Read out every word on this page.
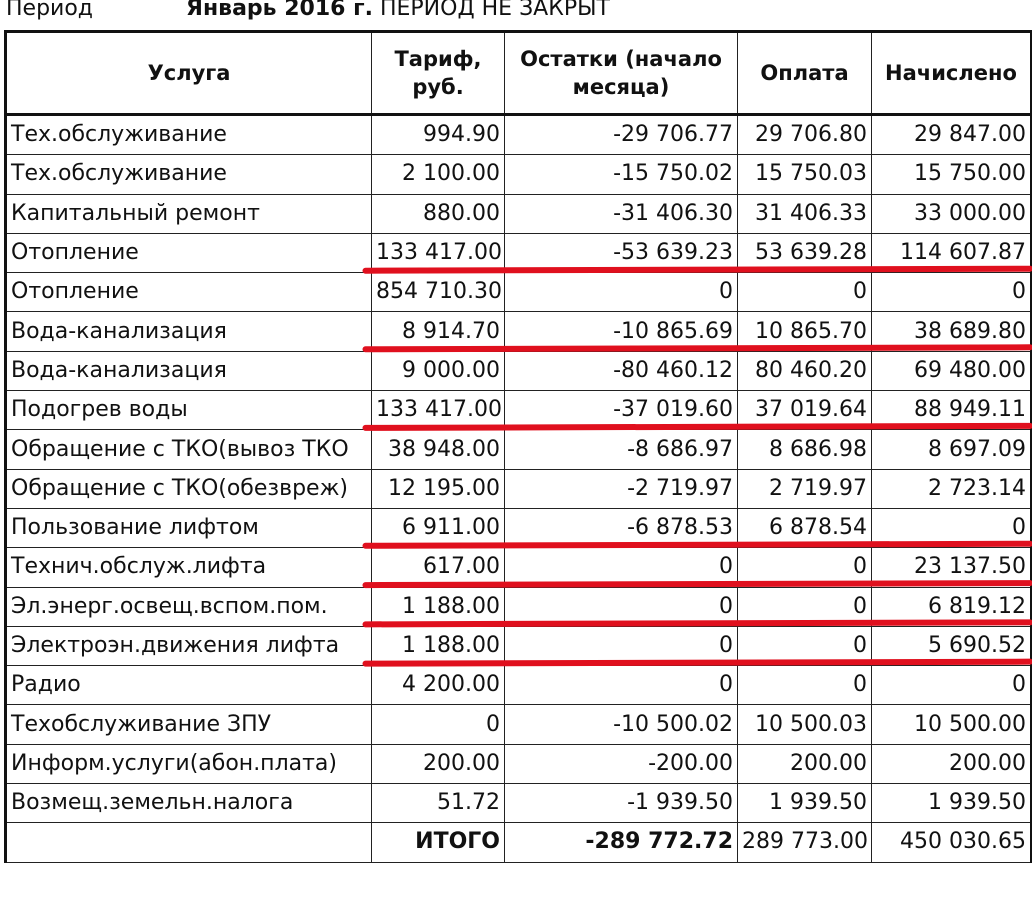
Период	Январь 2016 г. ПЕРИОД НЕ ЗАКРЫТ
Услуга	Тариф, руб.	Остатки (начало месяца)	Оплата	Начислено
Тех.обслуживание	994.90	-29 706.77	29 706.80	29 847.00
Тех.обслуживание	2 100.00	-15 750.02	15 750.03	15 750.00
Капитальный ремонт	880.00	-31 406.30	31 406.33	33 000.00
Отопление	133 417.00	-53 639.23	53 639.28	114 607.87
Отопление	854 710.30	0	0	0
Вода-канализация	8 914.70	-10 865.69	10 865.70	38 689.80
Вода-канализация	9 000.00	-80 460.12	80 460.20	69 480.00
Подогрев воды	133 417.00	-37 019.60	37 019.64	88 949.11
Обращение с ТКО(вывоз ТКО	38 948.00	-8 686.97	8 686.98	8 697.09
Обращение с ТКО(обезвреж)	12 195.00	-2 719.97	2 719.97	2 723.14
Пользование лифтом	6 911.00	-6 878.53	6 878.54	0
Технич.обслуж.лифта	617.00	0	0	23 137.50
Эл.энерг.освещ.вспом.пом.	1 188.00	0	0	6 819.12
Электроэн.движения лифта	1 188.00	0	0	5 690.52
Радио	4 200.00	0	0	0
Техобслуживание ЗПУ	0	-10 500.02	10 500.03	10 500.00
Информ.услуги(абон.плата)	200.00	-200.00	200.00	200.00
Возмещ.земельн.налога	51.72	-1 939.50	1 939.50	1 939.50
	ИТОГО	-289 772.72	289 773.00	450 030.65
